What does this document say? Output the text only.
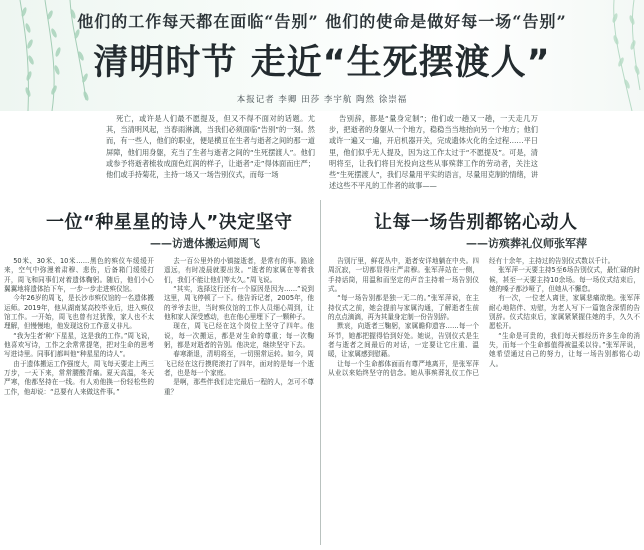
他们的工作每天都在面临“告别” 他们的使命是做好每一场“告别”
清明时节 走近“生死摆渡人”
本报记者 李卿 田莎 李宇航 陶然 徐崇福
死亡，或许是人们最不愿提及，但又不得不面对的话题。尤其，当清明风起，当春雨淋漓，当我们必须面临“告别”的一刻。然而，有一些人，他们的职业，便是横亘在生者与逝者之间的那一道屏障，他们用身躯，充当了生者与逝者之间的“生死摆渡人”。他们或参予将逝者梳妆成面色红润的样子，让逝者“走”得体面而庄严；他们或手持菊花，主持一场又一场告别仪式，而每一场
告别辞，都是“量身定制”；他们或一趟又一趟，一天走几万步，把逝者的身躯从一个地方，稳稳当当地抬向另一个地方；他们或许一遍又一遍，开启机器开关，完成遗体火化的全过程……平日里，他们似乎无人提及，因为这工作太过于“不愿提及”。可是，清明将至，让我们将目光投向这些从事殡葬工作的劳动者，关注这些“生死摆渡人”，我们尽量用平实的语言，尽量用克制的情绪，讲述这些不平凡的工作者的故事——
一位“种星星的诗人”决定坚守
——访遗体搬运师周飞

50米、30米、10米……黑色的殡仪车缓缓开来，空气中弥漫着肃穆、悲伤，后备箱门缓缓打开，周飞和同事们对着遗体鞠躬。随后，他们小心翼翼地将遗体抬下车，一步一步走进殡仪馆。

今年26岁的周飞，是长沙市殡仪馆的一名遗体搬运师。2019年，他从湖南某高校毕业后，进入殡仪馆工作。一开始，周飞也曾有过犹豫，家人也不太理解，但慢慢地，他发现这份工作意义非凡。

“我为生者‘种’下星星，这是我的工作。”周飞说，他喜欢写诗，工作之余常常提笔，把对生命的思考写进诗里。同事们都叫他“种星星的诗人”。

由于遗体搬运工作强度大，周飞每天要走上两三万步，一天下来，常常腰酸背痛。夏天高温，冬天严寒，他都坚持在一线。有人劝他换一份轻松些的工作，他却说：“总要有人来做这件事。”

去一百公里外的小镇接逝者，是常有的事。路途遥远，有时凌晨就要出发。“逝者的家属在等着我们，我们不能让他们等太久。”周飞说。

“其实，选择这行还有一个原因是因为……”说到这里，周飞停顿了一下。他告诉记者，2005年，他的爷爷去世，当时殡仪馆的工作人员细心周到，让他和家人深受感动，也在他心里埋下了一颗种子。

现在，周飞已经在这个岗位上坚守了四年。他说，每一次搬运，都是对生命的尊重；每一次鞠躬，都是对逝者的告别。他决定，继续坚守下去。

春寒渐退，清明将至，一切照常运转。如今，周飞已经在这行摸爬滚打了四年，面对的是每一个逝者，也是每一个家庭。

是啊，那些伴我们走完最后一程的人，怎可不尊重？

让每一场告别都铭心动人
——访殡葬礼仪师张军萍

告别厅里，鲜花丛中，逝者安详地躺在中央。四周沉寂，一切都显得庄严肃穆。张军萍站在一侧，手持话筒，用温和而坚定的声音主持着一场告别仪式。

“每一场告别都是独一无二的。”张军萍说，在主持仪式之前，她会提前与家属沟通，了解逝者生前的点点滴滴，再为其量身定制一份告别辞。

默哀，向逝者三鞠躬，家属瞻仰遗容……每一个环节，她都把握得恰到好处。她说，告别仪式是生者与逝者之间最后的对话，一定要让它庄重、温暖，让家属感到慰藉。

让每一个生命都体面而有尊严地离开，是张军萍从业以来始终坚守的信念。她从事殡葬礼仪工作已经有十余年，主持过的告别仪式数以千计。

张军萍一天要主持5至6场告别仪式，最忙碌的时候，甚至一天要主持10余场。每一场仪式结束后，她的嗓子都沙哑了，但她从不懈怠。

有一次，一位老人离世，家属悲痛欲绝。张军萍耐心地陪伴、劝慰，为老人写下一篇饱含深情的告别辞。仪式结束后，家属紧紧握住她的手，久久不愿松开。

“生命是可贵的，我们每天都经历许多生命的消失，而每一个生命都值得被温柔以待。”张军萍说，她希望通过自己的努力，让每一场告别都铭心动人。
